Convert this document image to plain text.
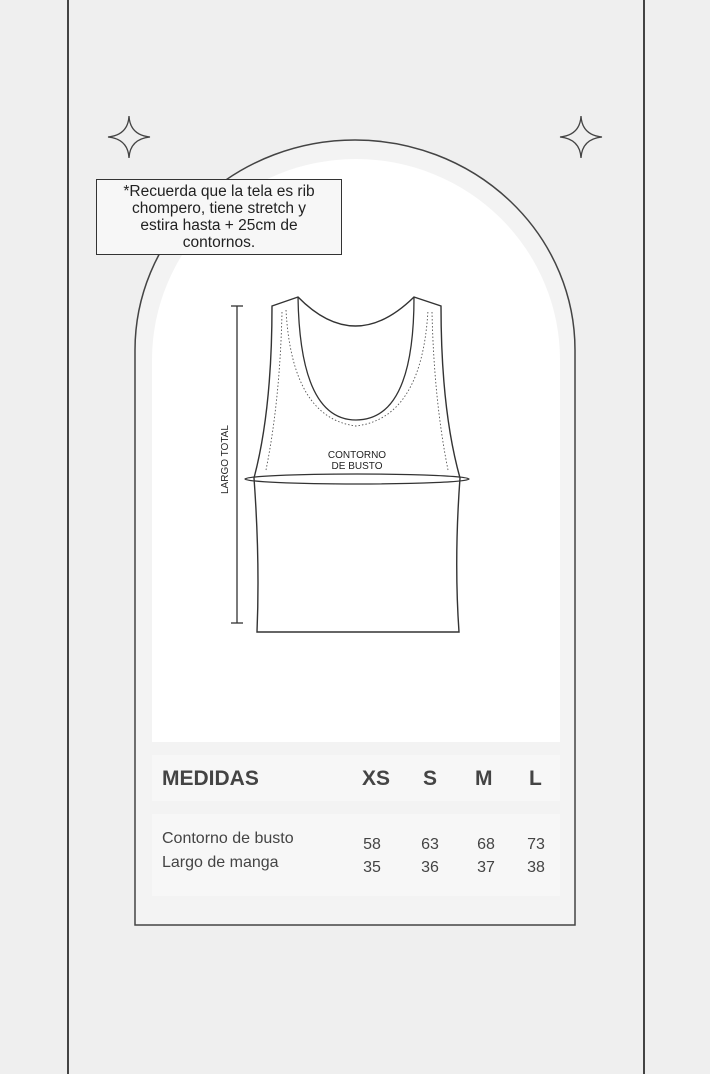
*Recuerda que la tela es rib
chompero, tiene stretch y
estira hasta + 25cm de
contornos.
LARGO TOTAL	CONTORNO
DE BUSTO
MEDIDAS	XS S M L
Contorno de busto	58	63	68	73
Largo de manga	35	36	37	38
